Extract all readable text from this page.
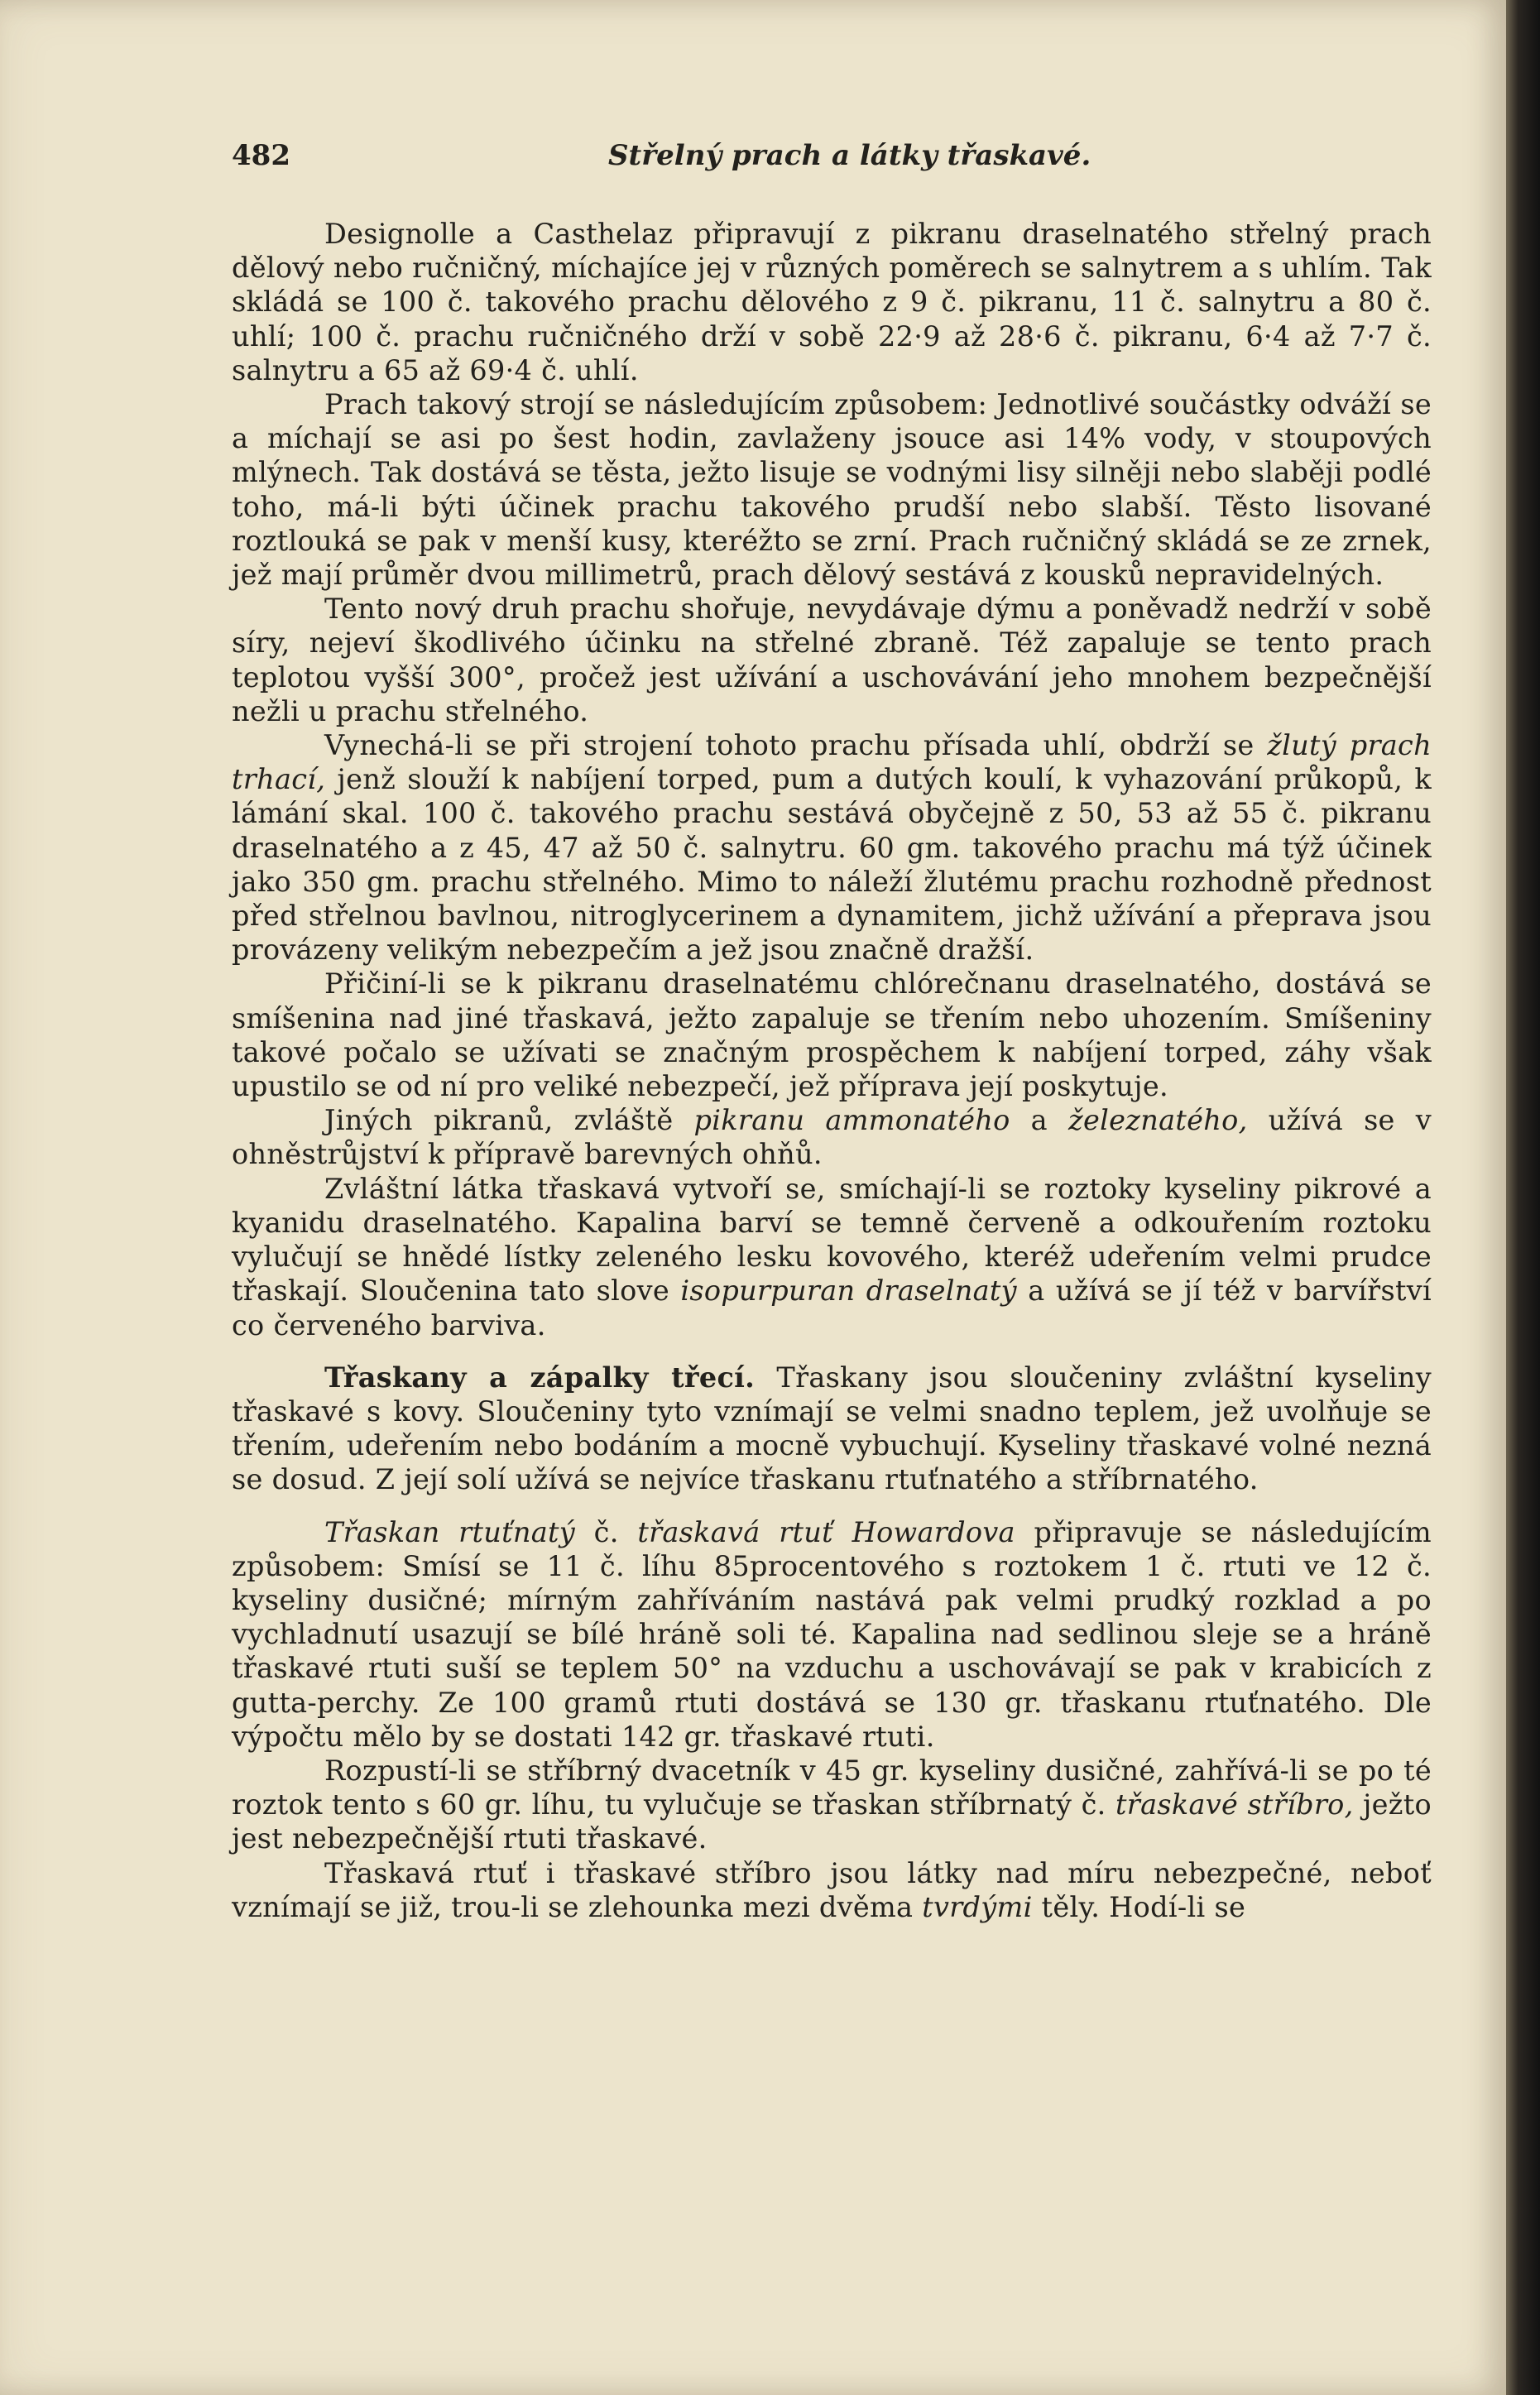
482	Střelný prach a látky třaskavé.

Designolle a Casthelaz připravují z pikranu draselnatého střelný prach dělový nebo ručničný, míchajíce jej v různých poměrech se salnytrem a s uhlím. Tak skládá se 100 č. takového prachu dělového z 9 č. pikranu, 11 č. salnytru a 80 č. uhlí; 100 č. prachu ručničného drží v sobě 22·9 až 28·6 č. pikranu, 6·4 až 7·7 č. salnytru a 65 až 69·4 č. uhlí.

Prach takový strojí se následujícím způsobem: Jednotlivé součástky odváží se a míchají se asi po šest hodin, zavlaženy jsouce asi 14% vody, v stoupových mlýnech. Tak dostává se těsta, ježto lisuje se vodnými lisy silněji nebo slaběji podlé toho, má-li býti účinek prachu takového prudší nebo slabší. Těsto lisované roztlouká se pak v menší kusy, kteréžto se zrní. Prach ručničný skládá se ze zrnek, jež mají průměr dvou millimetrů, prach dělový sestává z kousků nepravidelných.

Tento nový druh prachu shořuje, nevydávaje dýmu a poněvadž nedrží v sobě síry, nejeví škodlivého účinku na střelné zbraně. Též zapaluje se tento prach teplotou vyšší 300°, pročež jest užívání a uschovávání jeho mnohem bezpečnější nežli u prachu střelného.

Vynechá-li se při strojení tohoto prachu přísada uhlí, obdrží se žlutý prach trhací, jenž slouží k nabíjení torped, pum a dutých koulí, k vyhazování průkopů, k lámání skal. 100 č. takového prachu sestává obyčejně z 50, 53 až 55 č. pikranu draselnatého a z 45, 47 až 50 č. salnytru. 60 gm. takového prachu má týž účinek jako 350 gm. prachu střelného. Mimo to náleží žlutému prachu rozhodně přednost před střelnou bavlnou, nitroglycerinem a dynamitem, jichž užívání a přeprava jsou provázeny velikým nebezpečím a jež jsou značně dražší.

Přičiní-li se k pikranu draselnatému chlórečnanu draselnatého, dostává se smíšenina nad jiné třaskavá, ježto zapaluje se třením nebo uhozením. Smíšeniny takové počalo se užívati se značným prospěchem k nabíjení torped, záhy však upustilo se od ní pro veliké nebezpečí, jež příprava její poskytuje.

Jiných pikranů, zvláště pikranu ammonatého a železnatého, užívá se v ohněstrůjství k přípravě barevných ohňů.

Zvláštní látka třaskavá vytvoří se, smíchají-li se roztoky kyseliny pikrové a kyanidu draselnatého. Kapalina barví se temně červeně a odkouřením roztoku vylučují se hnědé lístky zeleného lesku kovového, kteréž udeřením velmi prudce třaskají. Sloučenina tato slove isopurpuran draselnatý a užívá se jí též v barvířství co červeného barviva.

Třaskany a zápalky třecí. Třaskany jsou sloučeniny zvláštní kyseliny třaskavé s kovy. Sloučeniny tyto vznímají se velmi snadno teplem, jež uvolňuje se třením, udeřením nebo bodáním a mocně vybuchují. Kyseliny třaskavé volné nezná se dosud. Z její solí užívá se nejvíce třaskanu rtuťnatého a stříbrnatého.

Třaskan rtuťnatý č. třaskavá rtuť Howardova připravuje se následujícím způsobem: Smísí se 11 č. líhu 85procentového s roztokem 1 č. rtuti ve 12 č. kyseliny dusičné; mírným zahříváním nastává pak velmi prudký rozklad a po vychladnutí usazují se bílé hráně soli té. Kapalina nad sedlinou sleje se a hráně třaskavé rtuti suší se teplem 50° na vzduchu a uschovávají se pak v krabicích z gutta-perchy. Ze 100 gramů rtuti dostává se 130 gr. třaskanu rtuťnatého. Dle výpočtu mělo by se dostati 142 gr. třaskavé rtuti.

Rozpustí-li se stříbrný dvacetník v 45 gr. kyseliny dusičné, zahřívá-li se po té roztok tento s 60 gr. líhu, tu vylučuje se třaskan stříbrnatý č. třaskavé stříbro, ježto jest nebezpečnější rtuti třaskavé.

Třaskavá rtuť i třaskavé stříbro jsou látky nad míru nebezpečné, neboť vznímají se již, trou-li se zlehounka mezi dvěma tvrdými těly. Hodí-li se
